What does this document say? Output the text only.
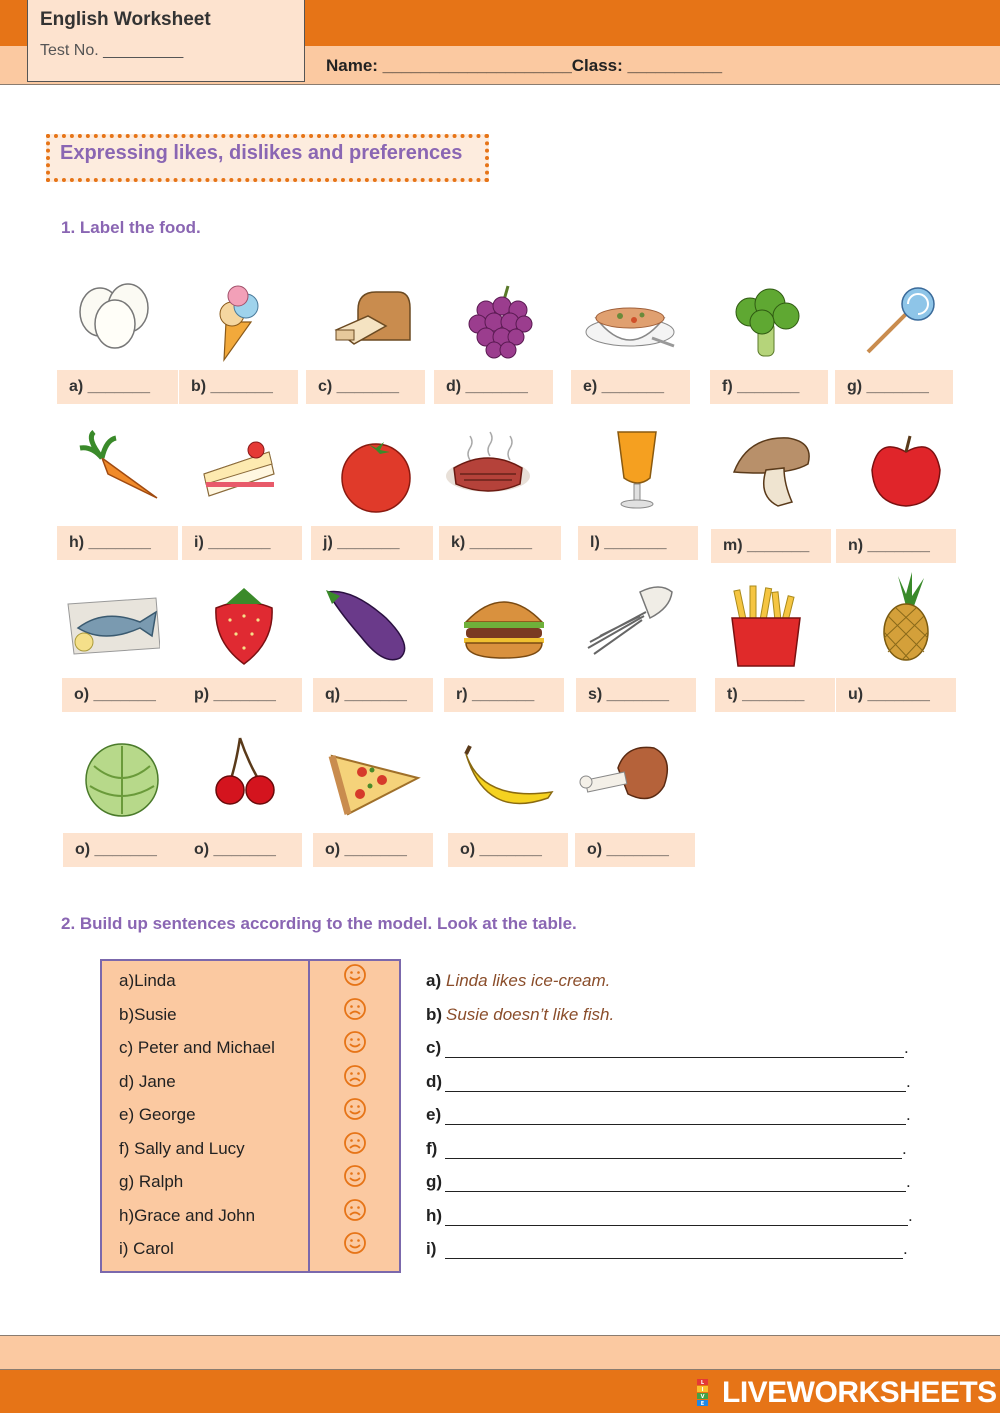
English Worksheet
Test No. _________
Name: ____________________Class: __________
Expressing likes, dislikes and preferences
1. Label the food.
a) _______	b) _______	c) _______	d) _______	e) _______	f) _______	g) _______
h) _______	i) _______	j) _______	k) _______	l) _______	m) _______	n) _______
o) _______	p) _______	q) _______	r) _______	s) _______	t) _______	u) _______
o) _______	o) _______	o) _______	o) _______	o) _______
2. Build up sentences according to the model. Look at the table.
a)Linda
b)Susie
c) Peter and Michael
d) Jane
e) George
f) Sally and Lucy
g) Ralph
h)Grace and John
i) Carol
a) Linda likes ice-cream.
b) Susie doesn’t like fish.
c)	.
d)	.
e)	.
f)	.
g)	.
h)	.
i)	.
L
I
V
E LIVEWORKSHEETS
